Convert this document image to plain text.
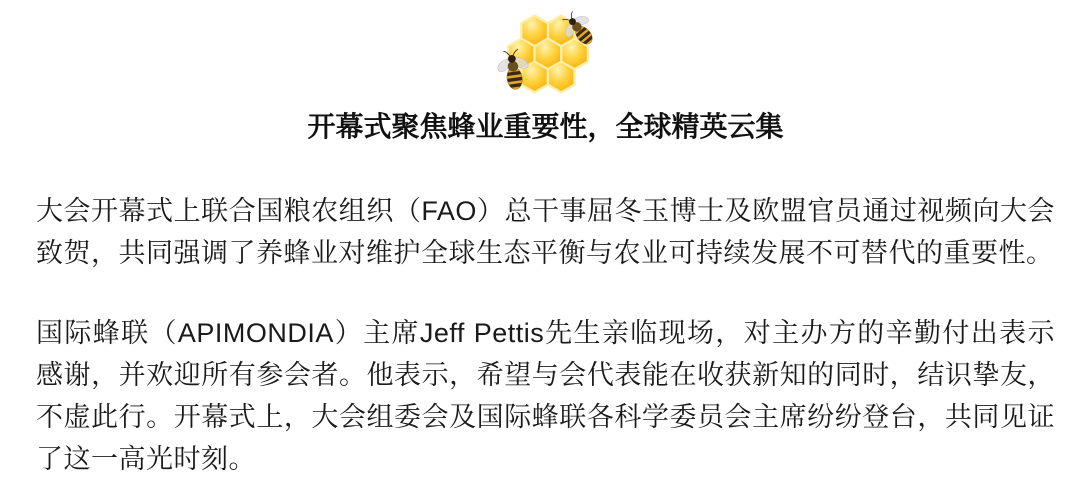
开幕式聚焦蜂业重要性，全球精英云集

大会开幕式上联合国粮农组织（FAO）总干事屈冬玉博士及欧盟官员通过视频向大会致贺，共同强调了养蜂业对维护全球生态平衡与农业可持续发展不可替代的重要性。

国际蜂联（APIMONDIA）主席Jeff Pettis先生亲临现场，对主办方的辛勤付出表示感谢，并欢迎所有参会者。他表示，希望与会代表能在收获新知的同时，结识挚友，不虚此行。开幕式上，大会组委会及国际蜂联各科学委员会主席纷纷登台，共同见证了这一高光时刻。
